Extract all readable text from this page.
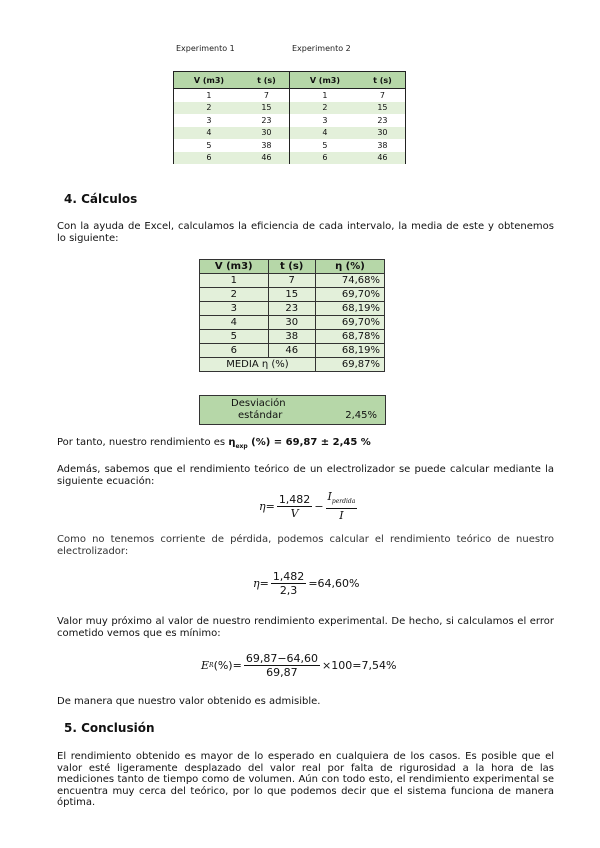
Experimento 1	Experimento 2
V (m3)	t (s)	V (m3)	t (s)
1	7	1	7
2	15	2	15
3	23	3	23
4	30	4	30
5	38	5	38
6	46	6	46
4. Cálculos

Con la ayuda de Excel, calculamos la eficiencia de cada intervalo, la media de este y obtenemos lo siguiente:

V (m3)	t (s)	η (%)
1	7	74,68%
2	15	69,70%
3	23	68,19%
4	30	69,70%
5	38	68,78%
6	46	68,19%
MEDIA η (%)		69,87%
Desviación
estándar	2,45%

Por tanto, nuestro rendimiento es $\eta_{exp}$ (%) = 69,87 ± 2,45 %

Además, sabemos que el rendimiento teórico de un electrolizador se puede calcular mediante la siguiente ecuación:

$\eta= \frac{1,482}{V} - \frac{I_{perdida}}{I}$

Como no tenemos corriente de pérdida, podemos calcular el rendimiento teórico de nuestro electrolizador:

$\eta= \frac{1,482}{2,3} =64,60\%$

Valor muy próximo al valor de nuestro rendimiento experimental. De hecho, si calculamos el error cometido vemos que es mínimo:

E R (%)= $\frac{69,87-64,60}{69,87} \times 100=7,54\%$

De manera que nuestro valor obtenido es admisible.

5. Conclusión

El rendimiento obtenido es mayor de lo esperado en cualquiera de los casos. Es posible que el valor esté ligeramente desplazado del valor real por falta de rigurosidad a la hora de las mediciones tanto de tiempo como de volumen. Aún con todo esto, el rendimiento experimental se encuentra muy cerca del teórico, por lo que podemos decir que el sistema funciona de manera óptima.
